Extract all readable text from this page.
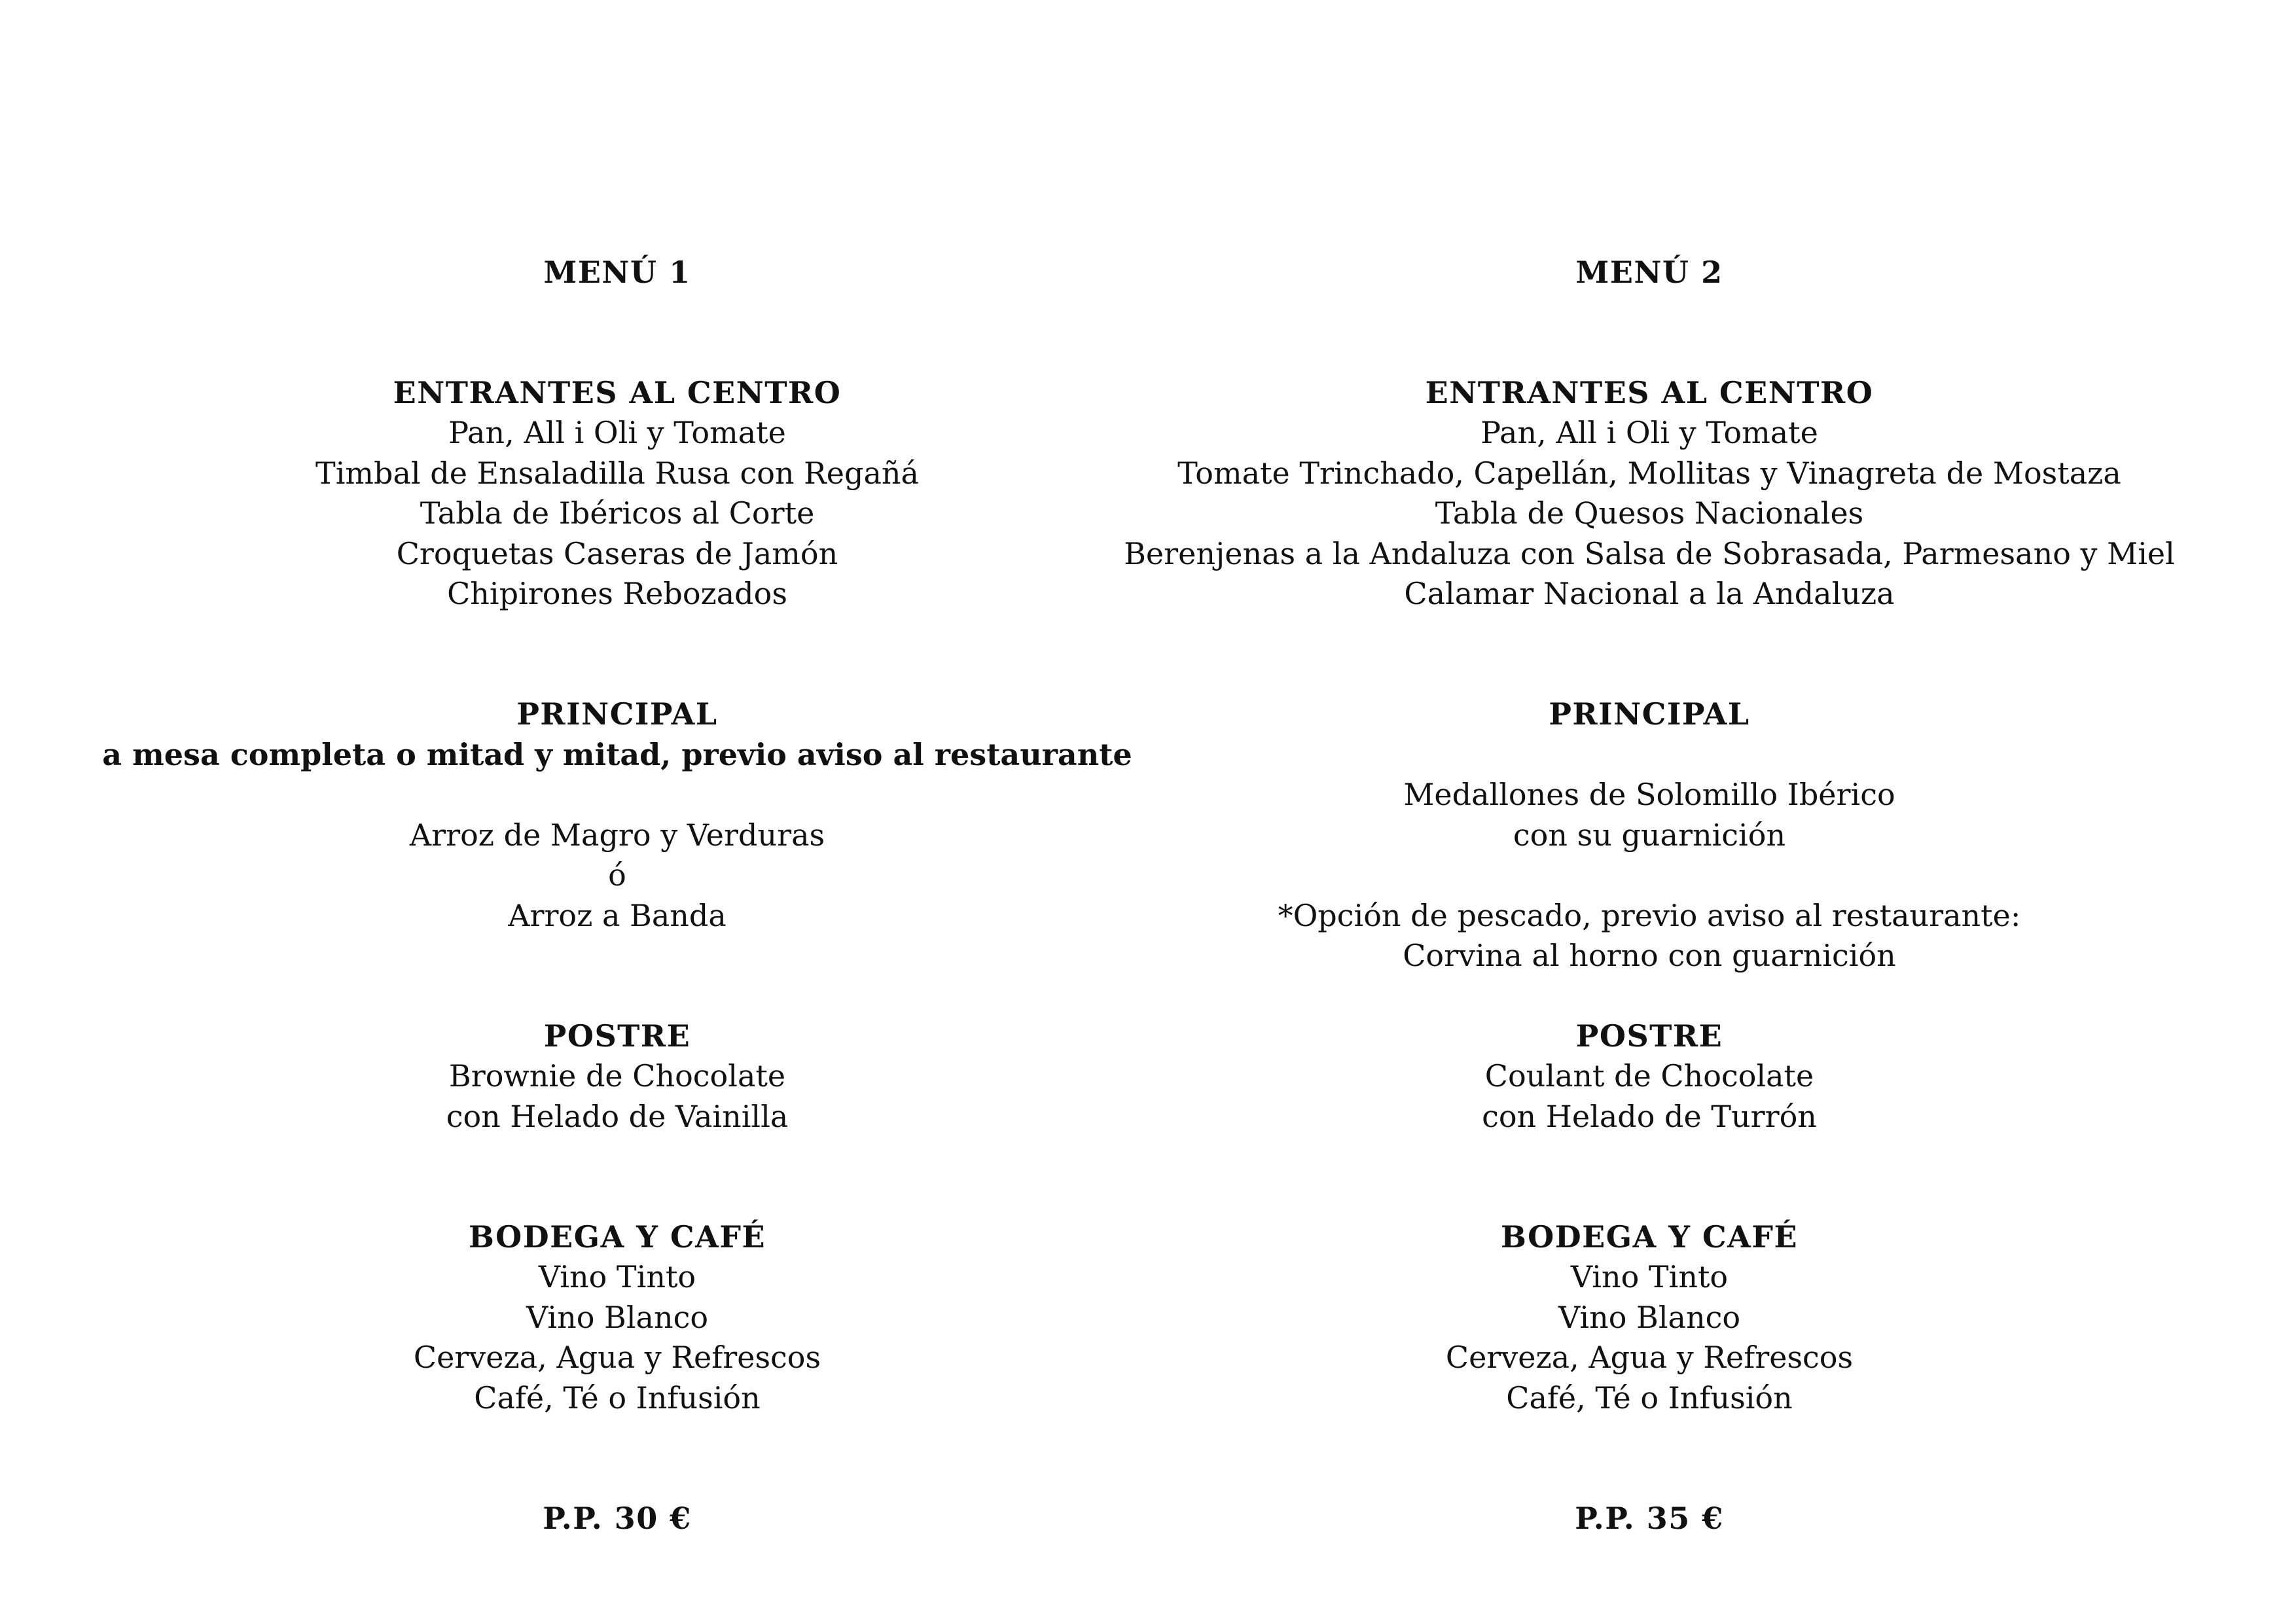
MENÚ 1
ENTRANTES AL CENTRO
Pan, All i Oli y Tomate
Timbal de Ensaladilla Rusa con Regañá
Tabla de Ibéricos al Corte
Croquetas Caseras de Jamón
Chipirones Rebozados
PRINCIPAL
a mesa completa o mitad y mitad, previo aviso al restaurante
Arroz de Magro y Verduras
ó
Arroz a Banda
POSTRE
Brownie de Chocolate
con Helado de Vainilla
BODEGA Y CAFÉ
Vino Tinto
Vino Blanco
Cerveza, Agua y Refrescos
Café, Té o Infusión
P.P. 30 €
MENÚ 2
ENTRANTES AL CENTRO
Pan, All i Oli y Tomate
Tomate Trinchado, Capellán, Mollitas y Vinagreta de Mostaza
Tabla de Quesos Nacionales
Berenjenas a la Andaluza con Salsa de Sobrasada, Parmesano y Miel
Calamar Nacional a la Andaluza
PRINCIPAL
Medallones de Solomillo Ibérico
con su guarnición
*Opción de pescado, previo aviso al restaurante:
Corvina al horno con guarnición
POSTRE
Coulant de Chocolate
con Helado de Turrón
BODEGA Y CAFÉ
Vino Tinto
Vino Blanco
Cerveza, Agua y Refrescos
Café, Té o Infusión
P.P. 35 €
